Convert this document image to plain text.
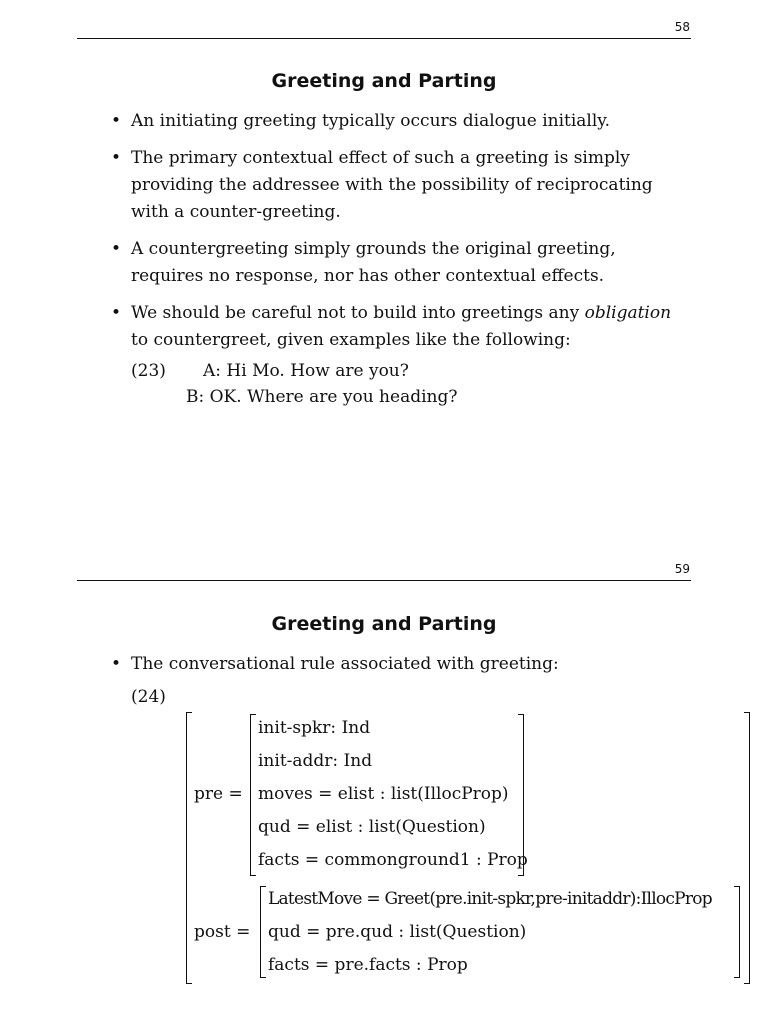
58
Greeting and Parting
• An initiating greeting typically occurs dialogue initially.
• The primary contextual effect of such a greeting is simply providing the addressee with the possibility of reciprocating with a counter-greeting.
• A countergreeting simply grounds the original greeting, requires no response, nor has other contextual effects.
• We should be careful not to build into greetings any obligation to countergreet, given examples like the following:
(23) A: Hi Mo. How are you?
B: OK. Where are you heading?
59
Greeting and Parting
• The conversational rule associated with greeting:
(24)
pre =
init-spkr: Ind
init-addr: Ind
moves = elist : list(IllocProp)
qud = elist : list(Question)
facts = commonground1 : Prop
post =
LatestMove = Greet(pre.init-spkr,pre-initaddr):IllocProp
qud = pre.qud : list(Question)
facts = pre.facts : Prop
